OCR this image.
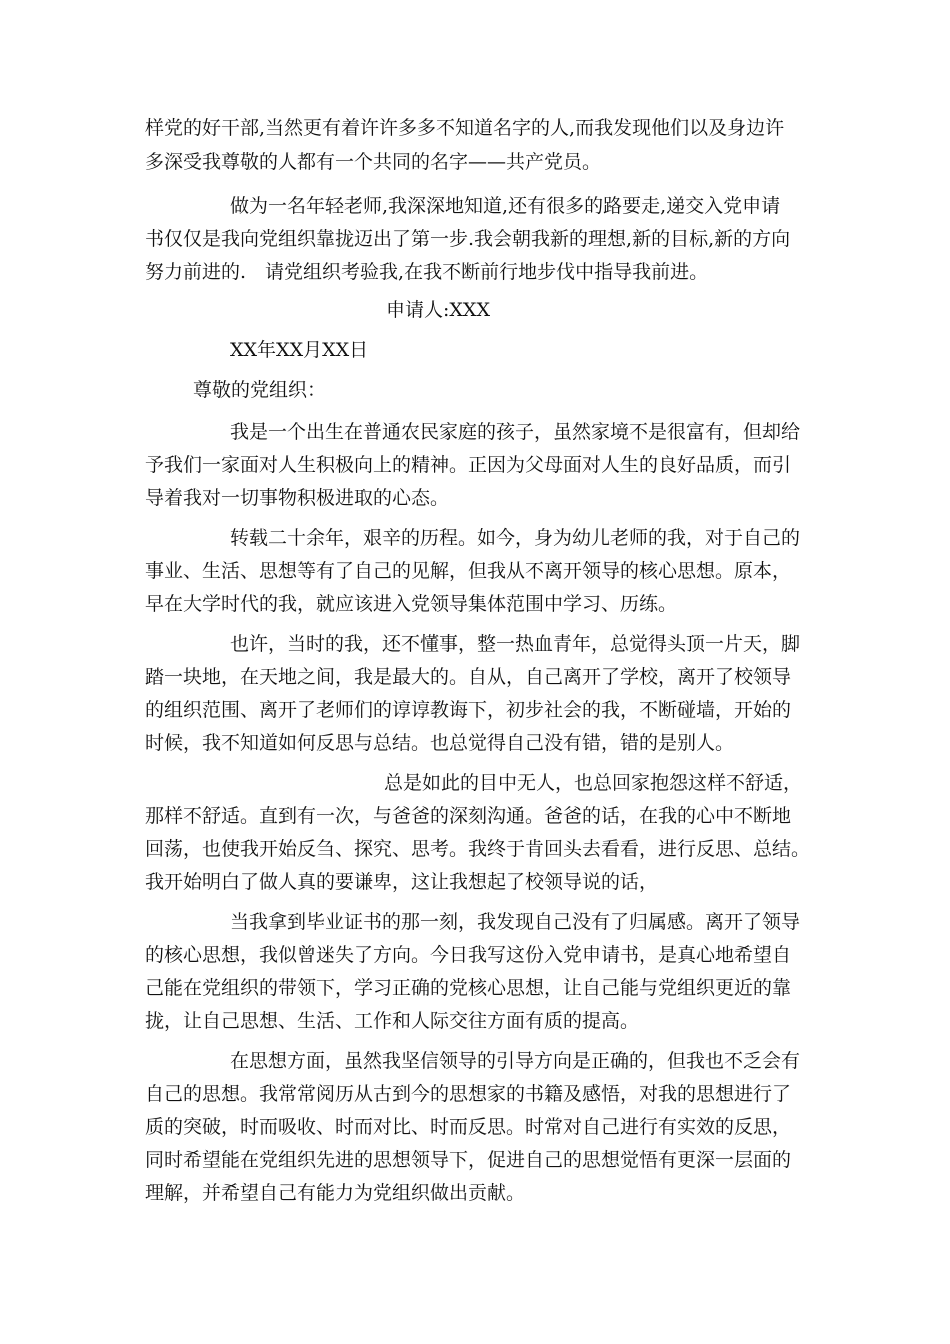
样党的好干部,当然更有着许许多多不知道名字的人,而我发现他们以及身边许
多深受我尊敬的人都有一个共同的名字——共产党员。
做为一名年轻老师,我深深地知道,还有很多的路要走,递交入党申请
书仅仅是我向党组织靠拢迈出了第一步.我会朝我新的理想,新的目标,新的方向
努力前进的.　请党组织考验我,在我不断前行地步伐中指导我前进。
申请人:XXX
XX年XX月XX日
尊敬的党组织：
我是一个出生在普通农民家庭的孩子，虽然家境不是很富有，但却给
予我们一家面对人生积极向上的精神。正因为父母面对人生的良好品质，而引
导着我对一切事物积极进取的心态。
转载二十余年，艰辛的历程。如今，身为幼儿老师的我，对于自己的
事业、生活、思想等有了自己的见解，但我从不离开领导的核心思想。原本，
早在大学时代的我，就应该进入党领导集体范围中学习、历练。
也许，当时的我，还不懂事，整一热血青年，总觉得头顶一片天，脚
踏一块地，在天地之间，我是最大的。自从，自己离开了学校，离开了校领导
的组织范围、离开了老师们的谆谆教诲下，初步社会的我，不断碰墙，开始的
时候，我不知道如何反思与总结。也总觉得自己没有错，错的是别人。
总是如此的目中无人，也总回家抱怨这样不舒适，
那样不舒适。直到有一次，与爸爸的深刻沟通。爸爸的话，在我的心中不断地
回荡，也使我开始反刍、探究、思考。我终于肯回头去看看，进行反思、总结。
我开始明白了做人真的要谦卑，这让我想起了校领导说的话，
当我拿到毕业证书的那一刻，我发现自己没有了归属感。离开了领导
的核心思想，我似曾迷失了方向。今日我写这份入党申请书，是真心地希望自
己能在党组织的带领下，学习正确的党核心思想，让自己能与党组织更近的靠
拢，让自己思想、生活、工作和人际交往方面有质的提高。
在思想方面，虽然我坚信领导的引导方向是正确的，但我也不乏会有
自己的思想。我常常阅历从古到今的思想家的书籍及感悟，对我的思想进行了
质的突破，时而吸收、时而对比、时而反思。时常对自己进行有实效的反思，
同时希望能在党组织先进的思想领导下，促进自己的思想觉悟有更深一层面的
理解，并希望自己有能力为党组织做出贡献。
